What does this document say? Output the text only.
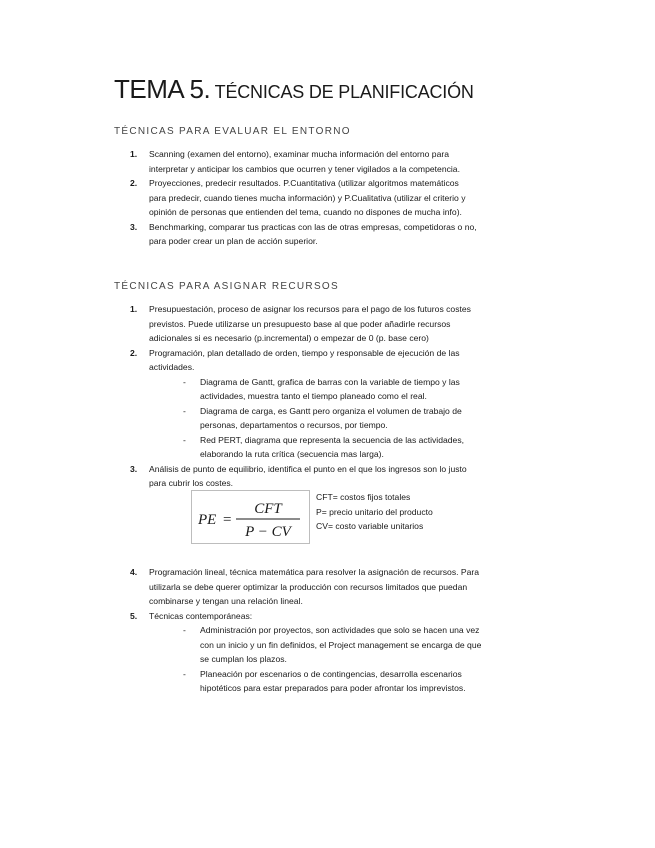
TEMA 5. TÉCNICAS DE PLANIFICACIÓN
TÉCNICAS PARA EVALUAR EL ENTORNO
1. Scanning (examen del entorno), examinar mucha información del entorno para
interpretar y anticipar los cambios que ocurren y tener vigilados a la competencia.
2. Proyecciones, predecir resultados. P.Cuantitativa (utilizar algoritmos matemáticos
para predecir, cuando tienes mucha información) y P.Cualitativa (utilizar el criterio y
opinión de personas que entienden del tema, cuando no dispones de mucha info).
3. Benchmarking, comparar tus practicas con las de otras empresas, competidoras o no,
para poder crear un plan de acción superior.
TÉCNICAS PARA ASIGNAR RECURSOS
1. Presupuestación, proceso de asignar los recursos para el pago de los futuros costes
previstos. Puede utilizarse un presupuesto base al que poder añadirle recursos
adicionales si es necesario (p.incremental) o empezar de 0 (p. base cero)
2. Programación, plan detallado de orden, tiempo y responsable de ejecución de las
actividades.
- Diagrama de Gantt, grafica de barras con la variable de tiempo y las
actividades, muestra tanto el tiempo planeado como el real.
- Diagrama de carga, es Gantt pero organiza el volumen de trabajo de
personas, departamentos o recursos, por tiempo.
- Red PERT, diagrama que representa la secuencia de las actividades,
elaborando la ruta crítica (secuencia mas larga).
3. Análisis de punto de equilibrio, identifica el punto en el que los ingresos son lo justo
para cubrir los costes.
PE =
CFT
P − CV
CFT= costos fijos totales
P= precio unitario del producto
CV= costo variable unitarios
4. Programación lineal, técnica matemática para resolver la asignación de recursos. Para
utilizarla se debe querer optimizar la producción con recursos limitados que puedan
combinarse y tengan una relación lineal.
5. Técnicas contemporáneas:
- Administración por proyectos, son actividades que solo se hacen una vez
con un inicio y un fin definidos, el Project management se encarga de que
se cumplan los plazos.
- Planeación por escenarios o de contingencias, desarrolla escenarios
hipotéticos para estar preparados para poder afrontar los imprevistos.
